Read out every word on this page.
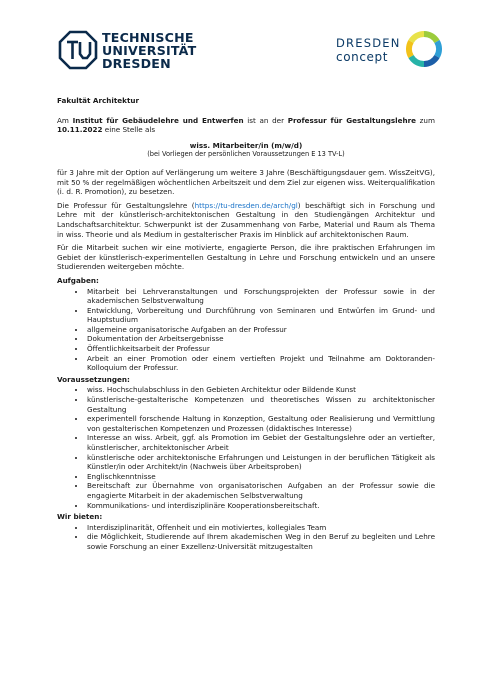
TECHNISCHE
UNIVERSITÄT
DRESDEN
DRESDEN
concept

Fakultät Architektur

Am Institut für Gebäudelehre und Entwerfen ist an der Professur für Gestaltungslehre zum 10.11.2022 eine Stelle als

wiss. Mitarbeiter/in (m/w/d)

(bei Vorliegen der persönlichen Voraussetzungen E 13 TV-L)

für 3 Jahre mit der Option auf Verlängerung um weitere 3 Jahre (Beschäftigungsdauer gem. WissZeitVG), mit 50 % der regelmäßigen wöchentlichen Arbeitszeit und dem Ziel zur eigenen wiss. Weiterqualifikation (i. d. R. Promotion), zu besetzen.

Die Professur für Gestaltungslehre (https://tu-dresden.de/arch/gl) beschäftigt sich in Forschung und Lehre mit der künstlerisch-architektonischen Gestaltung in den Studiengängen Architektur und Landschaftsarchitektur. Schwerpunkt ist der Zusammenhang von Farbe, Material und Raum als Thema in wiss. Theorie und als Medium in gestalterischer Praxis im Hinblick auf architektonischen Raum.

Für die Mitarbeit suchen wir eine motivierte, engagierte Person, die ihre praktischen Erfahrungen im Gebiet der künstlerisch-experimentellen Gestaltung in Lehre und Forschung entwickeln und an unsere Studierenden weitergeben möchte.

Aufgaben:
• Mitarbeit bei Lehrveranstaltungen und Forschungsprojekten der Professur sowie in der akademischen Selbstverwaltung
• Entwicklung, Vorbereitung und Durchführung von Seminaren und Entwürfen im Grund- und Hauptstudium
• allgemeine organisatorische Aufgaben an der Professur
• Dokumentation der Arbeitsergebnisse
• Öffentlichkeitsarbeit der Professur
• Arbeit an einer Promotion oder einem vertieften Projekt und Teilnahme am Doktoranden-Kolloquium der Professur.
Voraussetzungen:
• wiss. Hochschulabschluss in den Gebieten Architektur oder Bildende Kunst
• künstlerische-gestalterische Kompetenzen und theoretisches Wissen zu architektonischer Gestaltung
• experimentell forschende Haltung in Konzeption, Gestaltung oder Realisierung und Vermittlung von gestalterischen Kompetenzen und Prozessen (didaktisches Interesse)
• Interesse an wiss. Arbeit, ggf. als Promotion im Gebiet der Gestaltungslehre oder an vertiefter, künstlerischer, architektonischer Arbeit
• künstlerische oder architektonische Erfahrungen und Leistungen in der beruflichen Tätigkeit als Künstler/in oder Architekt/in (Nachweis über Arbeitsproben)
• Englischkenntnisse
• Bereitschaft zur Übernahme von organisatorischen Aufgaben an der Professur sowie die engagierte Mitarbeit in der akademischen Selbstverwaltung
• Kommunikations- und interdisziplinäre Kooperationsbereitschaft.
Wir bieten:
• Interdisziplinarität, Offenheit und ein motiviertes, kollegiales Team
• die Möglichkeit, Studierende auf Ihrem akademischen Weg in den Beruf zu begleiten und Lehre sowie Forschung an einer Exzellenz-Universität mitzugestalten
